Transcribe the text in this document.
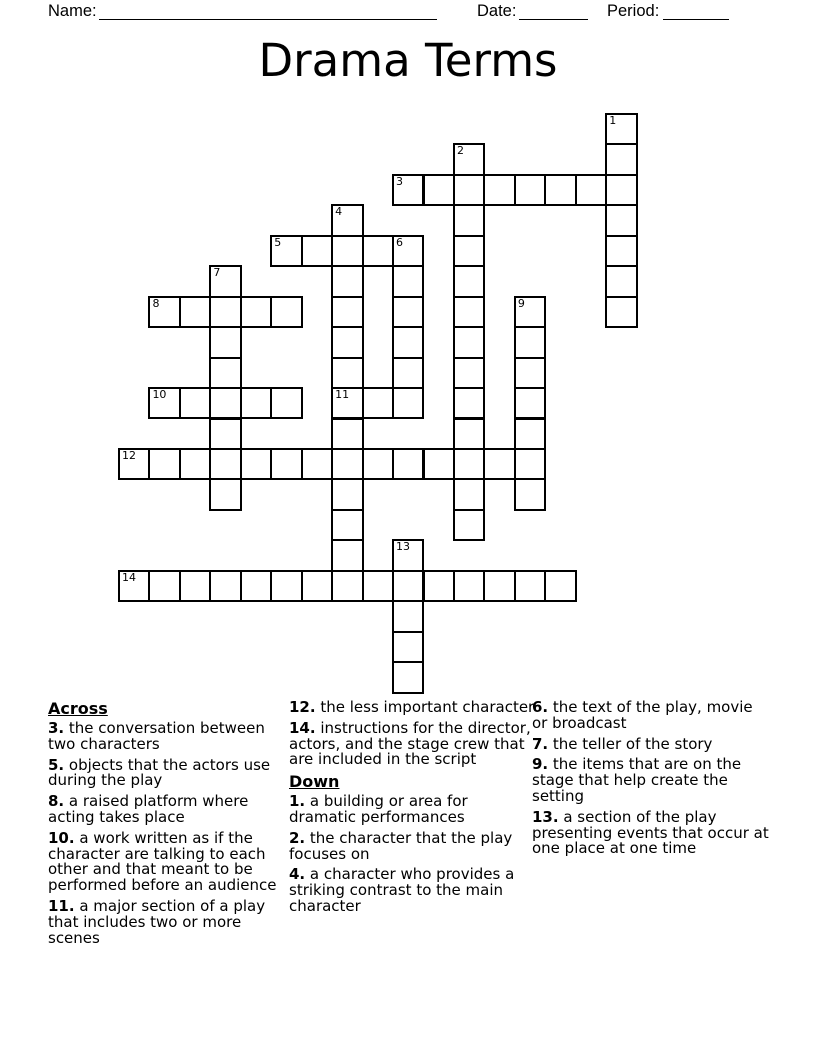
Name:	Date:	Period:
Drama Terms
1
2
3
4
11
5	6
7
8	9
10
12
13
14
Across
3. the conversation between two characters
5. objects that the actors use during the play
8. a raised platform where acting takes place
10. a work written as if the character are talking to each other and that meant to be performed before an audience
11. a major section of a play that includes two or more scenes
12. the less important character
14. instructions for the director, actors, and the stage crew that are included in the script
Down
1. a building or area for dramatic performances
2. the character that the play focuses on
4. a character who provides a striking contrast to the main character
6. the text of the play, movie or broadcast
7. the teller of the story
9. the items that are on the stage that help create the setting
13. a section of the play presenting events that occur at one place at one time
